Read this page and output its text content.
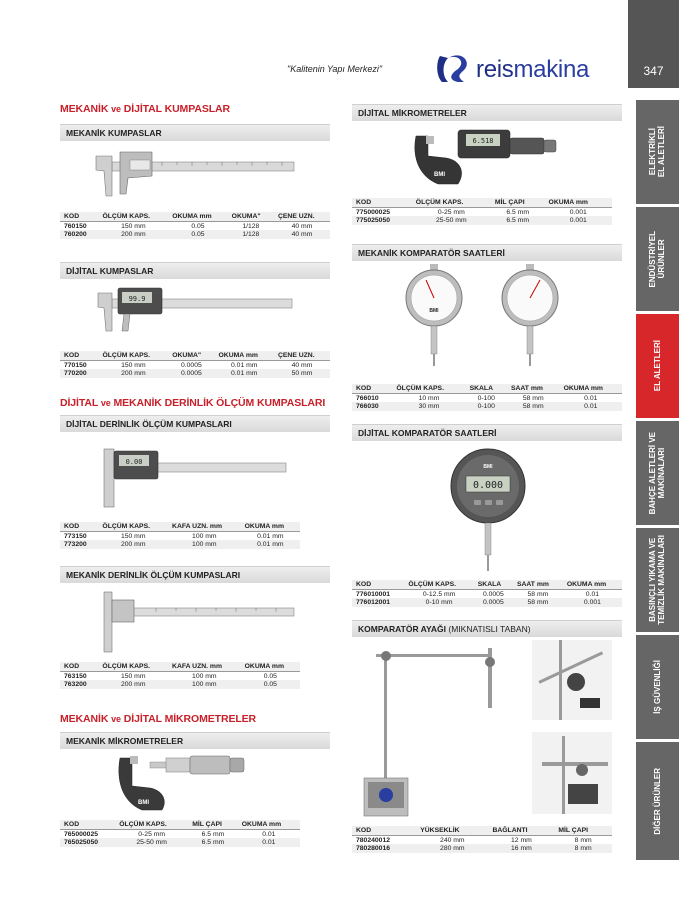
"Kalitenin Yapı Merkezi"	reismakina	347
ELEKTRİKLİ
EL ALETLERİ
ENDÜSTRİYEL
ÜRÜNLER
EL ALETLERİ
BAHÇE ALETLERİ VE
MAKİNALARI
BASINÇLI YIKAMA VE
TEMİZLİK MAKİNALARI
İŞ GÜVENLİĞİ
DİĞER ÜRÜNLER
MEKANİK ve DİJİTAL KUMPASLAR
MEKANİK KUMPASLAR
KOD	ÖLÇÜM KAPS.	OKUMA mm	OKUMA"	ÇENE UZN.
760150	150 mm	0.05	1/128	40 mm
760200	200 mm	0.05	1/128	40 mm
DİJİTAL KUMPASLAR
99.9
KOD	ÖLÇÜM KAPS.	OKUMA"	OKUMA mm	ÇENE UZN.
770150	150 mm	0.0005	0.01 mm	40 mm
770200	200 mm	0.0005	0.01 mm	50 mm
DİJİTAL ve MEKANİK DERİNLİK ÖLÇÜM KUMPASLARI
DİJİTAL DERİNLİK ÖLÇÜM KUMPASLARI
0.00
KOD	ÖLÇÜM KAPS.	KAFA UZN. mm	OKUMA mm
773150	150 mm	100 mm	0.01 mm
773200	200 mm	100 mm	0.01 mm
MEKANİK DERİNLİK ÖLÇÜM KUMPASLARI
KOD	ÖLÇÜM KAPS.	KAFA UZN. mm	OKUMA mm
763150	150 mm	100 mm	0.05
763200	200 mm	100 mm	0.05
MEKANİK ve DİJİTAL MİKROMETRELER
MEKANİK MİKROMETRELER
BMI
KOD	ÖLÇÜM KAPS.	MİL ÇAPI	OKUMA mm
765000025	0-25 mm	6.5 mm	0.01
765025050	25-50 mm	6.5 mm	0.01
DİJİTAL MİKROMETRELER
6.518
BMI
KOD	ÖLÇÜM KAPS.	MİL ÇAPI	OKUMA mm
775000025	0-25 mm	6.5 mm	0.001
775025050	25-50 mm	6.5 mm	0.001
MEKANİK KOMPARATÖR SAATLERİ
BMI
KOD	ÖLÇÜM KAPS.	SKALA	SAAT mm	OKUMA mm
766010	10 mm	0-100	58 mm	0.01
766030	30 mm	0-100	58 mm	0.01
DİJİTAL KOMPARATÖR SAATLERİ
BMI
0.000
KOD	ÖLÇÜM KAPS.	SKALA	SAAT mm	OKUMA mm
776010001	0-12.5 mm	0.0005	58 mm	0.01
776012001	0-10 mm	0.0005	58 mm	0.001
KOMPARATÖR AYAĞI (MIKNATISLI TABAN)
KOD	YÜKSEKLİK	BAĞLANTI	MİL ÇAPI
780240012	240 mm	12 mm	8 mm
780280016	280 mm	16 mm	8 mm
